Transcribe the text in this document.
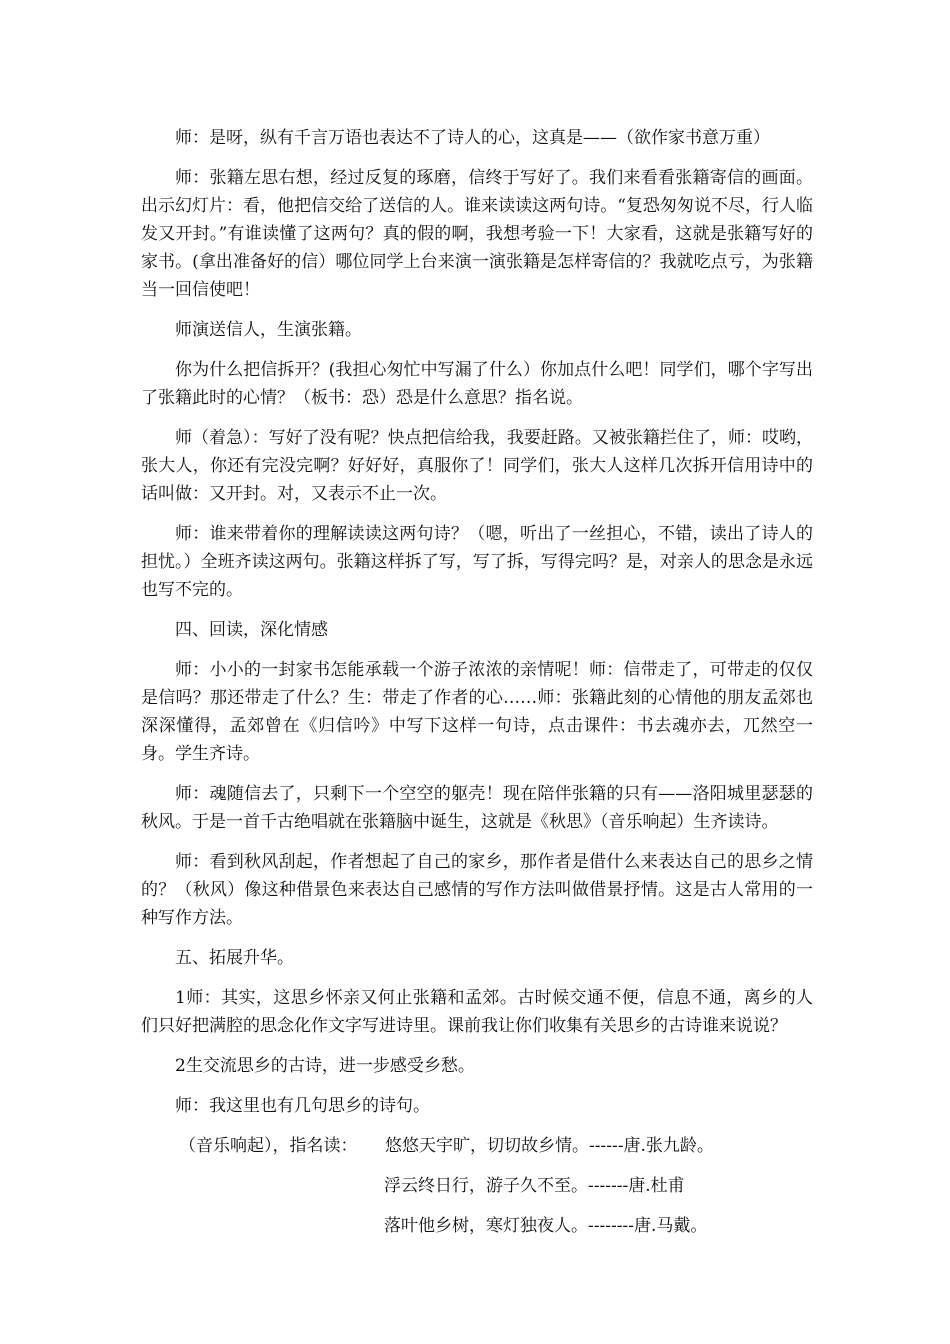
师：是呀，纵有千言万语也表达不了诗人的心，这真是——（欲作家书意万重）

师：张籍左思右想，经过反复的琢磨，信终于写好了。我们来看看张籍寄信的画面。出示幻灯片：看，他把信交给了送信的人。谁来读读这两句诗。“复恐匆匆说不尽，行人临发又开封。”有谁读懂了这两句？真的假的啊，我想考验一下！大家看，这就是张籍写好的家书。(拿出准备好的信）哪位同学上台来演一演张籍是怎样寄信的？我就吃点亏，为张籍当一回信使吧！

师演送信人，生演张籍。

你为什么把信拆开？(我担心匆忙中写漏了什么）你加点什么吧！同学们，哪个字写出了张籍此时的心情？（板书：恐）恐是什么意思？指名说。

师（着急）：写好了没有呢？快点把信给我，我要赶路。又被张籍拦住了，师：哎哟，张大人，你还有完没完啊？好好好，真服你了！同学们，张大人这样几次拆开信用诗中的话叫做：又开封。对，又表示不止一次。

师：谁来带着你的理解读读这两句诗？（嗯，听出了一丝担心，不错，读出了诗人的担忧。）全班齐读这两句。张籍这样拆了写，写了拆，写得完吗？是，对亲人的思念是永远也写不完的。

四、回读，深化情感

师：小小的一封家书怎能承载一个游子浓浓的亲情呢！师：信带走了，可带走的仅仅是信吗？那还带走了什么？生：带走了作者的心……师：张籍此刻的心情他的朋友孟郊也深深懂得，孟郊曾在《归信吟》中写下这样一句诗，点击课件：书去魂亦去，兀然空一身。学生齐诗。

师：魂随信去了，只剩下一个空空的躯壳！现在陪伴张籍的只有——洛阳城里瑟瑟的秋风。于是一首千古绝唱就在张籍脑中诞生，这就是《秋思》（音乐响起）生齐读诗。

师：看到秋风刮起，作者想起了自己的家乡，那作者是借什么来表达自己的思乡之情的？（秋风）像这种借景色来表达自己感情的写作方法叫做借景抒情。这是古人常用的一种写作方法。

五、拓展升华。

1师：其实，这思乡怀亲又何止张籍和孟郊。古时候交通不便，信息不通，离乡的人们只好把满腔的思念化作文字写进诗里。课前我让你们收集有关思乡的古诗谁来说说？

2生交流思乡的古诗，进一步感受乡愁。

师：我这里也有几句思乡的诗句。

（音乐响起），指名读： 悠悠天宇旷，切切故乡情。------唐.张九龄。
浮云终日行，游子久不至。-------唐.杜甫
落叶他乡树，寒灯独夜人。--------唐.马戴。
